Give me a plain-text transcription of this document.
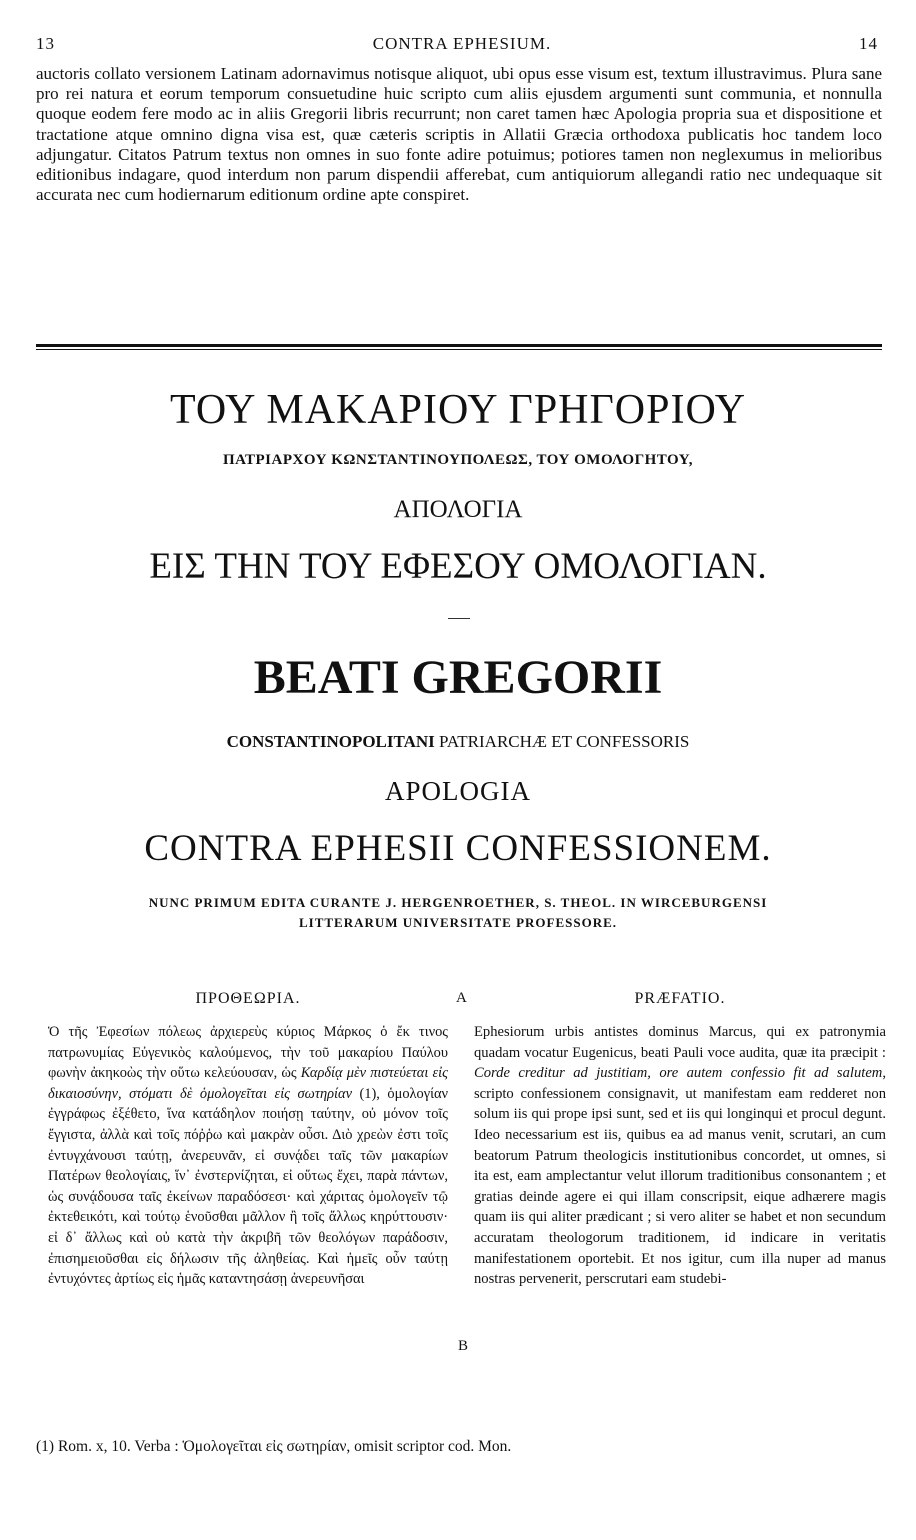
13	CONTRA EPHESIUM.	14

auctoris collato versionem Latinam adornavimus notisque aliquot, ubi opus esse visum est, textum illustravimus. Plura sane pro rei natura et eorum temporum consuetudine huic scripto cum aliis ejusdem argumenti sunt communia, et nonnulla quoque eodem fere modo ac in aliis Gregorii libris recurrunt; non caret tamen hæc Apologia propria sua et dispositione et tractatione atque omnino digna visa est, quæ cæteris scriptis in Allatii Græcia orthodoxa publicatis hoc tandem loco adjungatur. Citatos Patrum textus non omnes in suo fonte adire potuimus; potiores tamen non neglexumus in melioribus editionibus indagare, quod interdum non parum dispendii afferebat, cum antiquiorum allegandi ratio nec undequaque sit accurata nec cum hodiernarum editionum ordine apte conspiret.

ΤΟΥ ΜΑΚΑΡΙΟΥ ΓΡΗΓΟΡΙΟΥ
ΠΑΤΡΙΑΡΧΟΥ ΚΩΝΣΤΑΝΤΙΝΟΥΠΟΛΕΩΣ, ΤΟΥ ΟΜΟΛΟΓΗΤΟΥ,
ΑΠΟΛΟΓΙΑ
ΕΙΣ ΤΗΝ ΤΟΥ ΕΦΕΣΟΥ ΟΜΟΛΟΓΙΑΝ.
BEATI GREGORII
CONSTANTINOPOLITANI PATRIARCHÆ ET CONFESSORIS
APOLOGIA
CONTRA EPHESII CONFESSIONEM.
NUNC PRIMUM EDITA CURANTE J. HERGENROETHER, S. THEOL. IN WIRCEBURGENSI
LITTERARUM UNIVERSITATE PROFESSORE.
ΠΡΟΘΕΩΡΙΑ.

Ὁ τῆς Ἐφεσίων πόλεως ἀρχιερεὺς κύριος Μάρκος ὁ ἔκ τινος πατρωνυμίας Εὐγενικὸς καλούμενος, τὴν τοῦ μακαρίου Παύλου φωνὴν ἀκηκοὼς τὴν οὕτω κελεύουσαν, ὡς Καρδίᾳ μὲν πιστεύεται εἰς δικαιοσύνην, στόματι δὲ ὁμολογεῖται εἰς σωτηρίαν (1), ὁμολογίαν ἐγγράφως ἐξέθετο, ἵνα κατάδηλον ποιήσῃ ταύτην, οὐ μόνον τοῖς ἔγγιστα, ἀλλὰ καὶ τοῖς πόῤῥω καὶ μακρὰν οὖσι. Διὸ χρεὼν ἐστι τοῖς ἐντυγχάνουσι ταύτῃ, ἀνερευνᾶν, εἰ συνᾴδει ταῖς τῶν μακαρίων Πατέρων θεολογίαις, ἵν᾿ ἐνστερνίζηται, εἰ οὕτως ἔχει, παρὰ πάντων, ὡς συνᾴδουσα ταῖς ἐκείνων παραδόσεσι· καὶ χάριτας ὁμολογεῖν τῷ ἐκτεθεικότι, καὶ τούτῳ ἑνοῦσθαι μᾶλλον ἢ τοῖς ἄλλως κηρύττουσιν· εἰ δ᾿ ἄλλως καὶ οὐ κατὰ τὴν ἀκριβῆ τῶν θεολόγων παράδοσιν, ἐπισημειοῦσθαι εἰς δήλωσιν τῆς ἀληθείας. Καὶ ἡμεῖς οὖν ταύτῃ ἐντυχόντες ἀρτίως εἰς ἡμᾶς καταντησάσῃ ἀνερευνῆσαι

A
B
PRÆFATIO.

Ephesiorum urbis antistes dominus Marcus, qui ex patronymia quadam vocatur Eugenicus, beati Pauli voce audita, quæ ita præcipit : Corde creditur ad justitiam, ore autem confessio fit ad salutem, scripto confessionem consignavit, ut manifestam eam redderet non solum iis qui prope ipsi sunt, sed et iis qui longinqui et procul degunt. Ideo necessarium est iis, quibus ea ad manus venit, scrutari, an cum beatorum Patrum theologicis institutionibus concordet, ut omnes, si ita est, eam amplectantur velut illorum traditionibus consonantem ; et gratias deinde agere ei qui illam conscripsit, eique adhærere magis quam iis qui aliter prædicant ; si vero aliter se habet et non secundum accuratam theologorum traditionem, id indicare in veritatis manifestationem oportebit. Et nos igitur, cum illa nuper ad manus nostras pervenerit, perscrutari eam studebi-

(1) Rom. x, 10. Verba : Ὁμολογεῖται εἰς σωτηρίαν, omisit scriptor cod. Mon.
